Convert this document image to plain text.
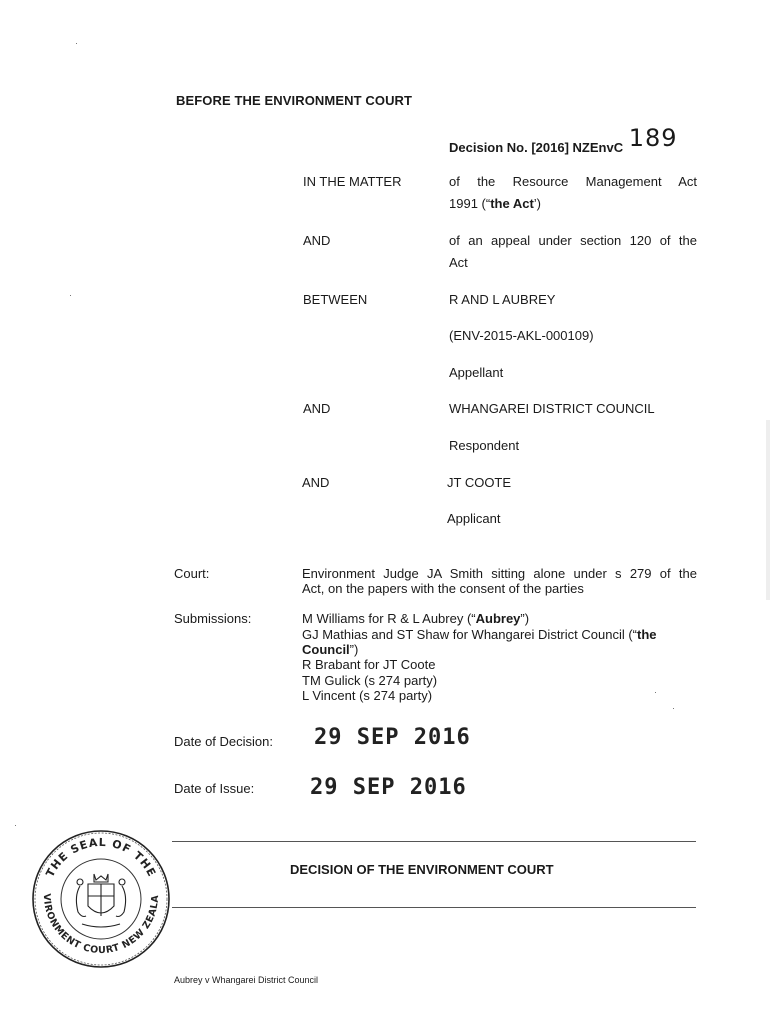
BEFORE THE ENVIRONMENT COURT
Decision No. [2016] NZEnvC 189
IN THE MATTER	of the Resource Management Act
1991 (“the Act’)
AND	of an appeal under section 120 of the
Act
BETWEEN	R AND L AUBREY
(ENV-2015-AKL-000109)
Appellant
AND	WHANGAREI DISTRICT COUNCIL
Respondent
AND	JT COOTE
Applicant
Court:	Environment Judge JA Smith sitting alone under s 279 of the
Act, on the papers with the consent of the parties
Submissions:	M Williams for R & L Aubrey (“Aubrey”)
GJ Mathias and ST Shaw for Whangarei District Council (“the
Council”)
R Brabant for JT Coote
TM Gulick (s 274 party)
L Vincent (s 274 party)
Date of Decision: 29 SEP 2016
Date of Issue:	29 SEP 2016
DECISION OF THE ENVIRONMENT COURT
THE SEAL OF THE
VIRONMENT COURT NEW ZEALA
Aubrey v Whangarei District Council
